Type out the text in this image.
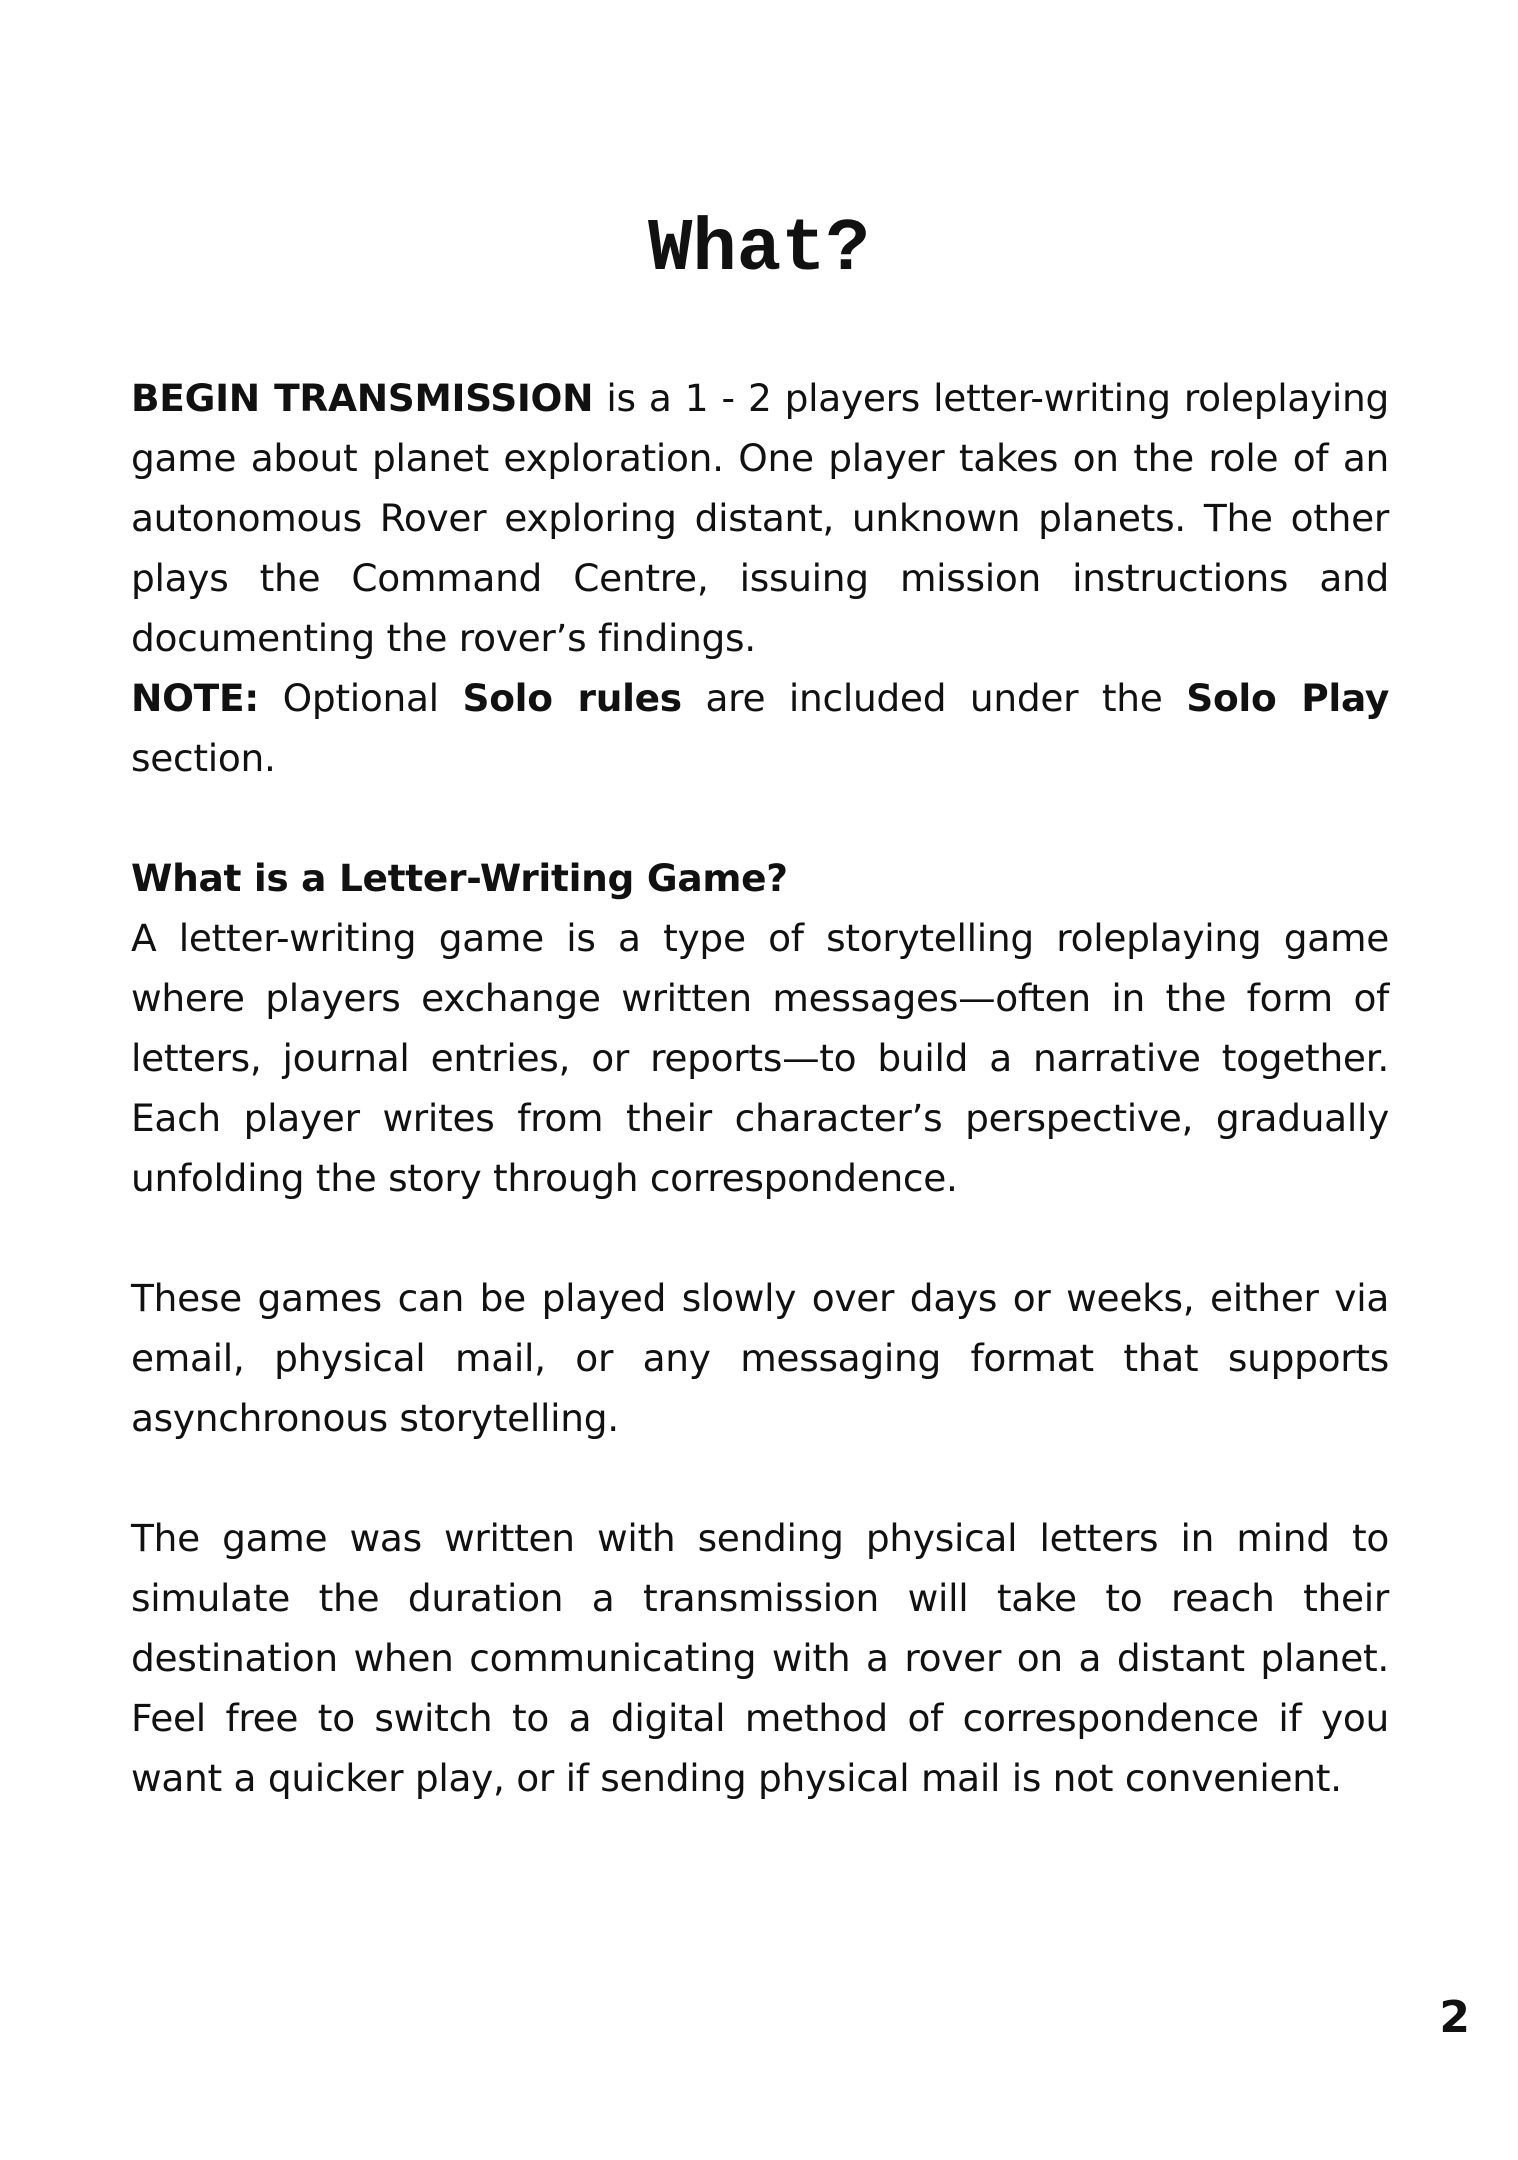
What?

BEGIN TRANSMISSION is a 1 - 2 players letter-writing roleplaying game about planet exploration. One player takes on the role of an autonomous Rover exploring distant, unknown planets. The other plays the Command Centre, issuing mission instructions and documenting the rover’s findings.

NOTE: Optional Solo rules are included under the Solo Play section.

What is a Letter-Writing Game?

A letter-writing game is a type of storytelling roleplaying game where players exchange written messages—often in the form of letters, journal entries, or reports—to build a narrative together. Each player writes from their character’s perspective, gradually unfolding the story through correspondence.

These games can be played slowly over days or weeks, either via email, physical mail, or any messaging format that supports asynchronous storytelling.

The game was written with sending physical letters in mind to simulate the duration a transmission will take to reach their destination when communicating with a rover on a distant planet. Feel free to switch to a digital method of correspondence if you want a quicker play, or if sending physical mail is not convenient.

2
